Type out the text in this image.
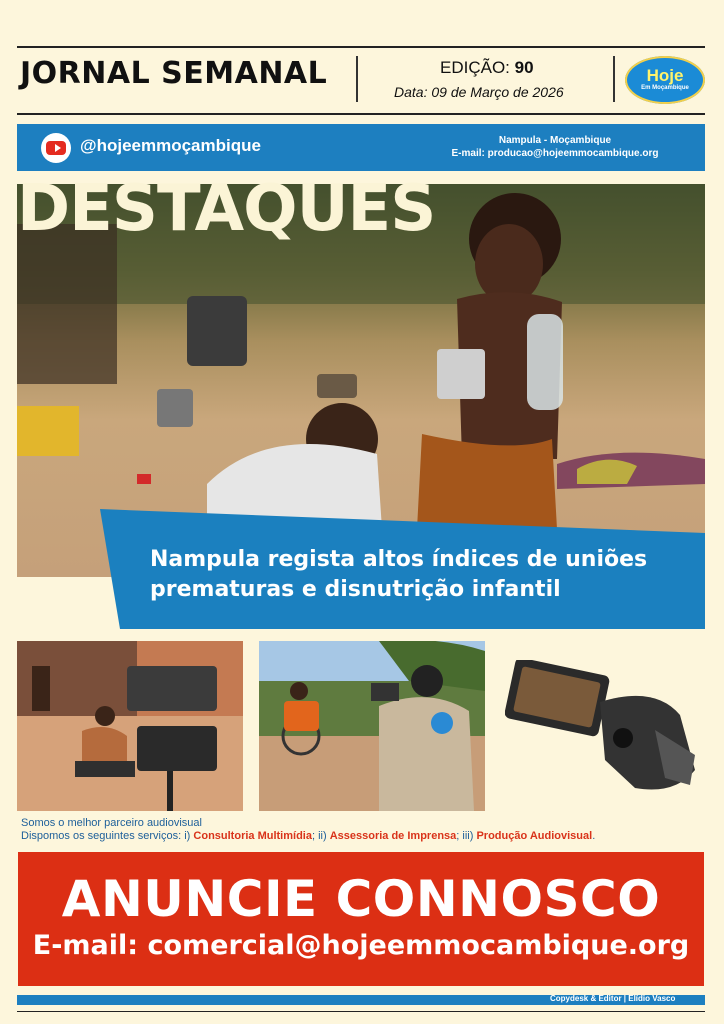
JORNAL SEMANAL	EDIÇÃO: 90
Data: 09 de Março de 2026
Hoje
Em Moçambique
@hojeemmoçambique	Nampula - Moçambique
E-mail: producao@hojeemmocambique.org
DESTAQUES
Nampula regista altos índices de uniões
prematuras e disnutrição infantil
Somos o melhor parceiro audiovisual
Dispomos os seguintes serviços: i) Consultoria Multimídia; ii) Assessoria de Imprensa; iii) Produção Audiovisual.
ANUNCIE CONNOSCO
E-mail: comercial@hojeemmocambique.org
Copydesk & Editor | Elídio Vasco
